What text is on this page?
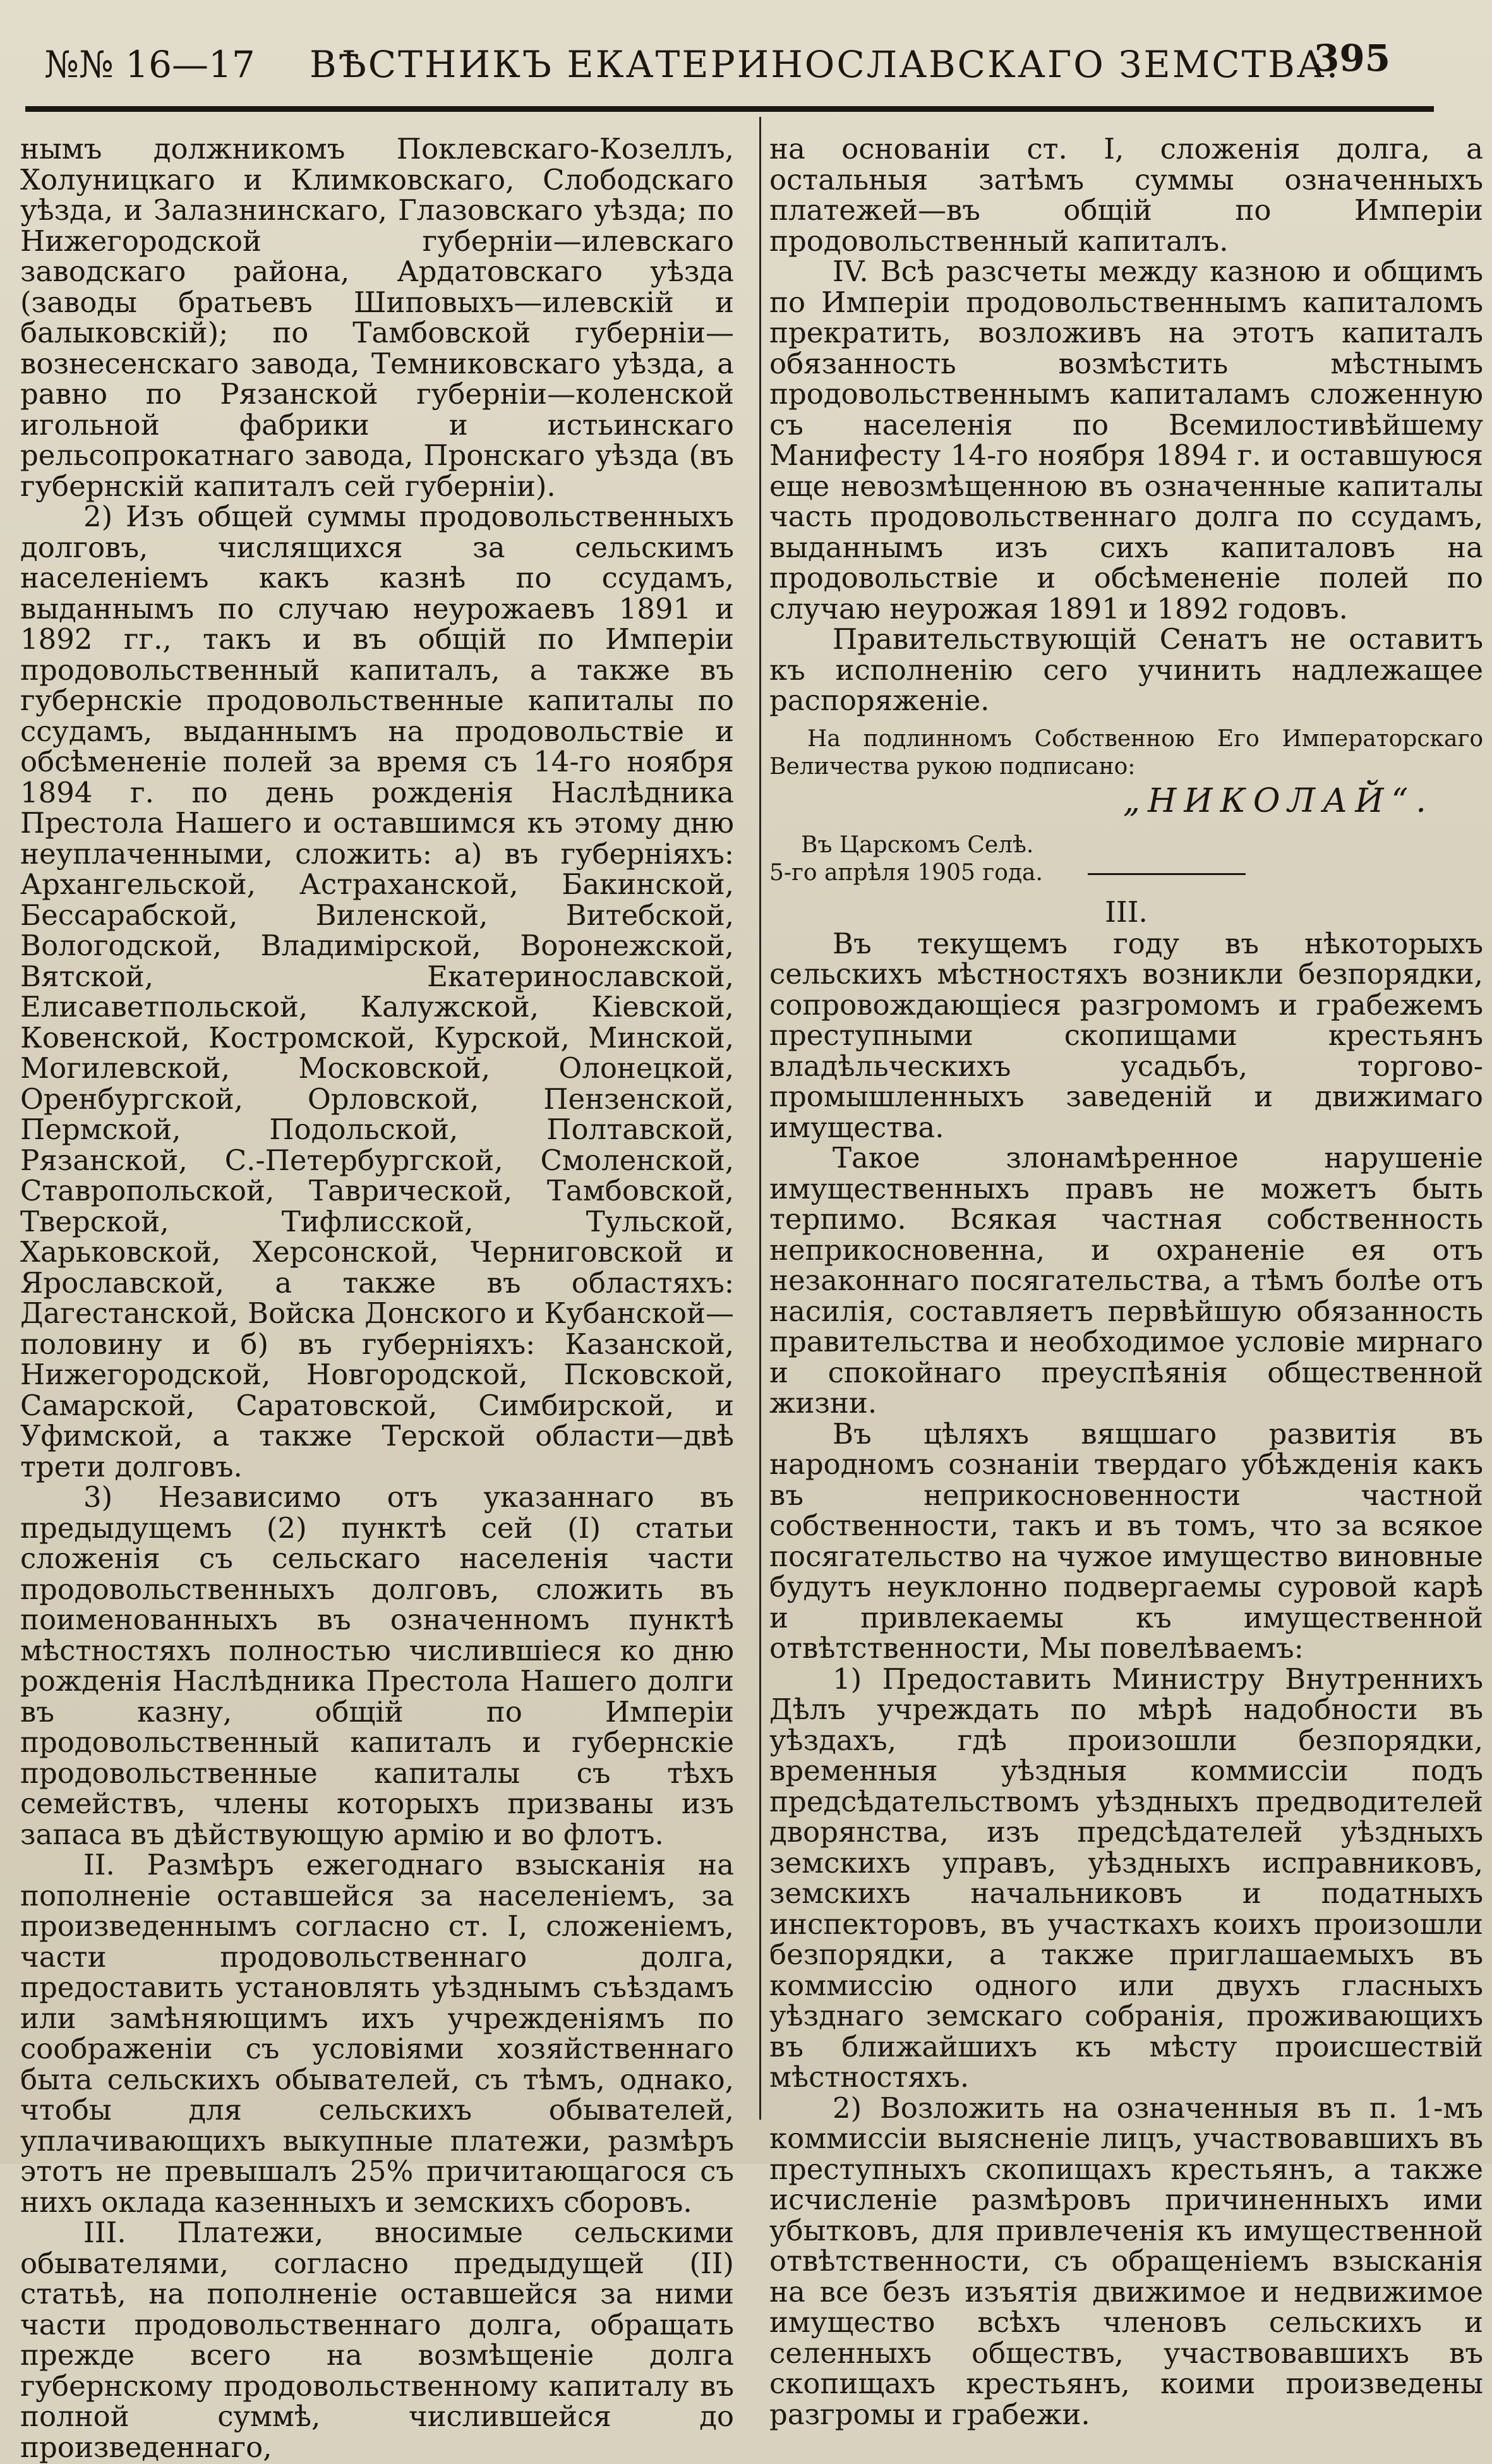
№№ 16—17 ВѢСТНИКЪ ЕКАТЕРИНОСЛАВСКАГО ЗЕМСТВА.
395

нымъ должникомъ Поклевскаго-Козеллъ, Холуницкаго и Климковскаго, Слободскаго уѣзда, и Залазнинскаго, Глазовскаго уѣзда; по Нижегородской губерніи—илевскаго заводскаго района, Ардатовскаго уѣзда (заводы братьевъ Шиповыхъ—илевскій и балыковскій); по Тамбовской губерніи—вознесенскаго завода, Темниковскаго уѣзда, а равно по Рязанской губерніи—коленской игольной фабрики и истьинскаго рельсопрокатнаго завода, Пронскаго уѣзда (въ губернскій капиталъ сей губерніи).

2) Изъ общей суммы продовольственныхъ долговъ, числящихся за сельскимъ населеніемъ какъ казнѣ по ссудамъ, выданнымъ по случаю неурожаевъ 1891 и 1892 гг., такъ и въ общій по Имперіи продовольственный капиталъ, а также въ губернскіе продовольственные капиталы по ссудамъ, выданнымъ на продовольствіе и обсѣмененіе полей за время съ 14-го ноября 1894 г. по день рожденія Наслѣдника Престола Нашего и оставшимся къ этому дню неуплаченными, сложить: а) въ губерніяхъ: Архангельской, Астраханской, Бакинской, Бессарабской, Виленской, Витебской, Вологодской, Владимірской, Воронежской, Вятской, Екатеринославской, Елисаветпольской, Калужской, Кіевской, Ковенской, Костромской, Курской, Минской, Могилевской, Московской, Олонецкой, Оренбургской, Орловской, Пензенской, Пермской, Подольской, Полтавской, Рязанской, С.-Петербургской, Смоленской, Ставропольской, Таврической, Тамбовской, Тверской, Тифлисской, Тульской, Харьковской, Херсонской, Черниговской и Ярославской, а также въ областяхъ: Дагестанской, Войска Донского и Кубанской—половину и б) въ губерніяхъ: Казанской, Нижегородской, Новгородской, Псковской, Самарской, Саратовской, Симбирской, и Уфимской, а также Терской области—двѣ трети долговъ.

3) Независимо отъ указаннаго въ предыдущемъ (2) пунктѣ сей (I) статьи сложенія съ сельскаго населенія части продовольственныхъ долговъ, сложить въ поименованныхъ въ означенномъ пунктѣ мѣстностяхъ полностью числившіеся ко дню рожденія Наслѣдника Престола Нашего долги въ казну, общій по Имперіи продовольственный капиталъ и губернскіе продовольственные капиталы съ тѣхъ семействъ, члены которыхъ призваны изъ запаса въ дѣйствующую армію и во флотъ.

II. Размѣръ ежегоднаго взысканія на пополненіе оставшейся за населеніемъ, за произведеннымъ согласно ст. I, сложеніемъ, части продовольственнаго долга, предоставить установлять уѣзднымъ съѣздамъ или замѣняющимъ ихъ учрежденіямъ по соображеніи съ условіями хозяйственнаго быта сельскихъ обывателей, съ тѣмъ, однако, чтобы для сельскихъ обывателей, уплачивающихъ выкупные платежи, размѣръ этотъ не превышалъ 25% причитающагося съ нихъ оклада казенныхъ и земскихъ сборовъ.

III. Платежи, вносимые сельскими обывателями, согласно предыдущей (II) статьѣ, на пополненіе оставшейся за ними части продовольственнаго долга, обращать прежде всего на возмѣщеніе долга губернскому продовольственному капиталу въ полной суммѣ, числившейся до произведеннаго,

на основаніи ст. I, сложенія долга, а остальныя затѣмъ суммы означенныхъ платежей—въ общій по Имперіи продовольственный капиталъ.

IV. Всѣ разсчеты между казною и общимъ по Имперіи продовольственнымъ капиталомъ прекратить, возложивъ на этотъ капиталъ обязанность возмѣстить мѣстнымъ продовольственнымъ капиталамъ сложенную съ населенія по Всемилостивѣйшему Манифесту 14-го ноября 1894 г. и оставшуюся еще невозмѣщенною въ означенные капиталы часть продовольственнаго долга по ссудамъ, выданнымъ изъ сихъ капиталовъ на продовольствіе и обсѣмененіе полей по случаю неурожая 1891 и 1892 годовъ.

Правительствующій Сенатъ не оставитъ къ исполненію сего учинить надлежащее распоряженіе.

На подлинномъ Собственною Его Императорскаго Величества рукою подписано:
„НИКОЛАЙ“.
Въ Царскомъ Селѣ.
5-го апрѣля 1905 года.
III.

Въ текущемъ году въ нѣкоторыхъ сельскихъ мѣстностяхъ возникли безпорядки, сопровождающіеся разгромомъ и грабежемъ преступными скопищами крестьянъ владѣльческихъ усадьбъ, торгово-промышленныхъ заведеній и движимаго имущества.

Такое злонамѣренное нарушеніе имущественныхъ правъ не можетъ быть терпимо. Всякая частная собственность неприкосновенна, и охраненіе ея отъ незаконнаго посягательства, а тѣмъ болѣе отъ насилія, составляетъ первѣйшую обязанность правительства и необходимое условіе мирнаго и спокойнаго преуспѣянія общественной жизни.

Въ цѣляхъ вящшаго развитія въ народномъ сознаніи твердаго убѣжденія какъ въ неприкосновенности частной собственности, такъ и въ томъ, что за всякое посягательство на чужое имущество виновные будутъ неуклонно подвергаемы суровой карѣ и привлекаемы къ имущественной отвѣтственности, Мы повелѣваемъ:

1) Предоставить Министру Внутреннихъ Дѣлъ учреждать по мѣрѣ надобности въ уѣздахъ, гдѣ произошли безпорядки, временныя уѣздныя коммиссіи подъ предсѣдательствомъ уѣздныхъ предводителей дворянства, изъ предсѣдателей уѣздныхъ земскихъ управъ, уѣздныхъ исправниковъ, земскихъ начальниковъ и податныхъ инспекторовъ, въ участкахъ коихъ произошли безпорядки, а также приглашаемыхъ въ коммиссію одного или двухъ гласныхъ уѣзднаго земскаго собранія, проживающихъ въ ближайшихъ къ мѣсту происшествій мѣстностяхъ.

2) Возложить на означенныя въ п. 1-мъ коммиссіи выясненіе лицъ, участвовавшихъ въ преступныхъ скопищахъ крестьянъ, а также исчисленіе размѣровъ причиненныхъ ими убытковъ, для привлеченія къ имущественной отвѣтственности, съ обращеніемъ взысканія на все безъ изъятія движимое и недвижимое имущество всѣхъ членовъ сельскихъ и селенныхъ обществъ, участвовавшихъ въ скопищахъ крестьянъ, коими произведены разгромы и грабежи.
